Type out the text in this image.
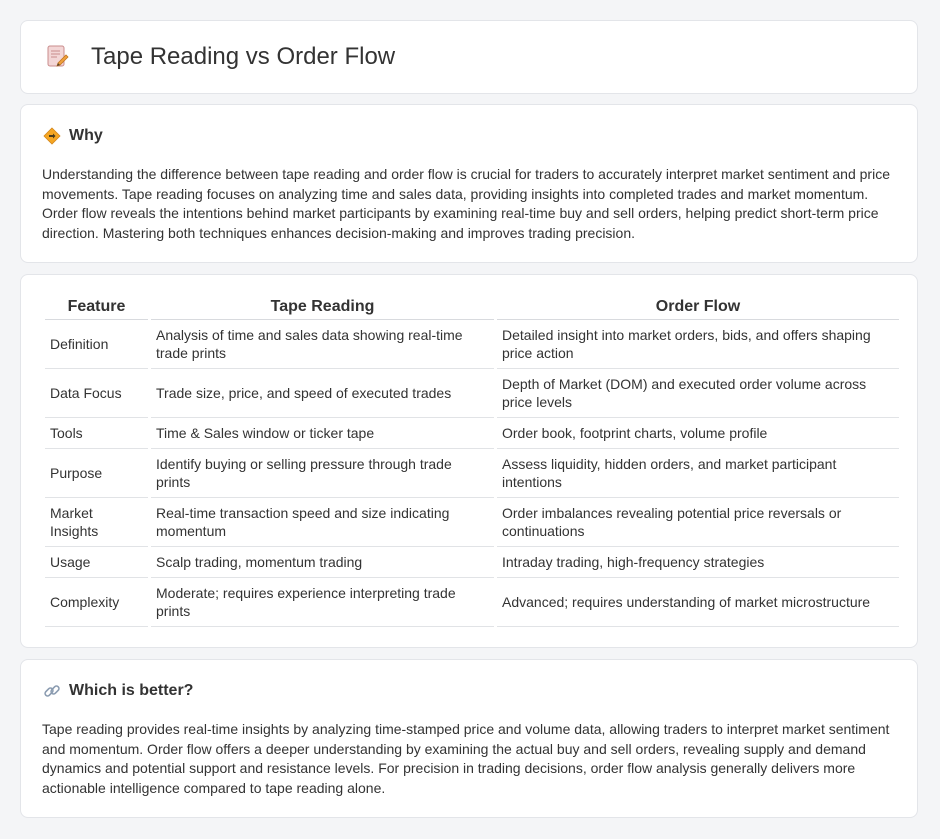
Tape Reading vs Order Flow
Why
Understanding the difference between tape reading and order flow is crucial for traders to accurately interpret market sentiment and price movements. Tape reading focuses on analyzing time and sales data, providing insights into completed trades and market momentum. Order flow reveals the intentions behind market participants by examining real-time buy and sell orders, helping predict short-term price direction. Mastering both techniques enhances decision-making and improves trading precision.
Feature	Tape Reading	Order Flow
Definition	Analysis of time and sales data showing real-time trade prints	Detailed insight into market orders, bids, and offers shaping price action
Data Focus	Trade size, price, and speed of executed trades	Depth of Market (DOM) and executed order volume across price levels
Tools	Time & Sales window or ticker tape	Order book, footprint charts, volume profile
Purpose	Identify buying or selling pressure through trade prints	Assess liquidity, hidden orders, and market participant intentions
Market Insights	Real-time transaction speed and size indicating momentum	Order imbalances revealing potential price reversals or continuations
Usage	Scalp trading, momentum trading	Intraday trading, high-frequency strategies
Complexity	Moderate; requires experience interpreting trade prints	Advanced; requires understanding of market microstructure
Which is better?
Tape reading provides real-time insights by analyzing time-stamped price and volume data, allowing traders to interpret market sentiment and momentum. Order flow offers a deeper understanding by examining the actual buy and sell orders, revealing supply and demand dynamics and potential support and resistance levels. For precision in trading decisions, order flow analysis generally delivers more actionable intelligence compared to tape reading alone.
